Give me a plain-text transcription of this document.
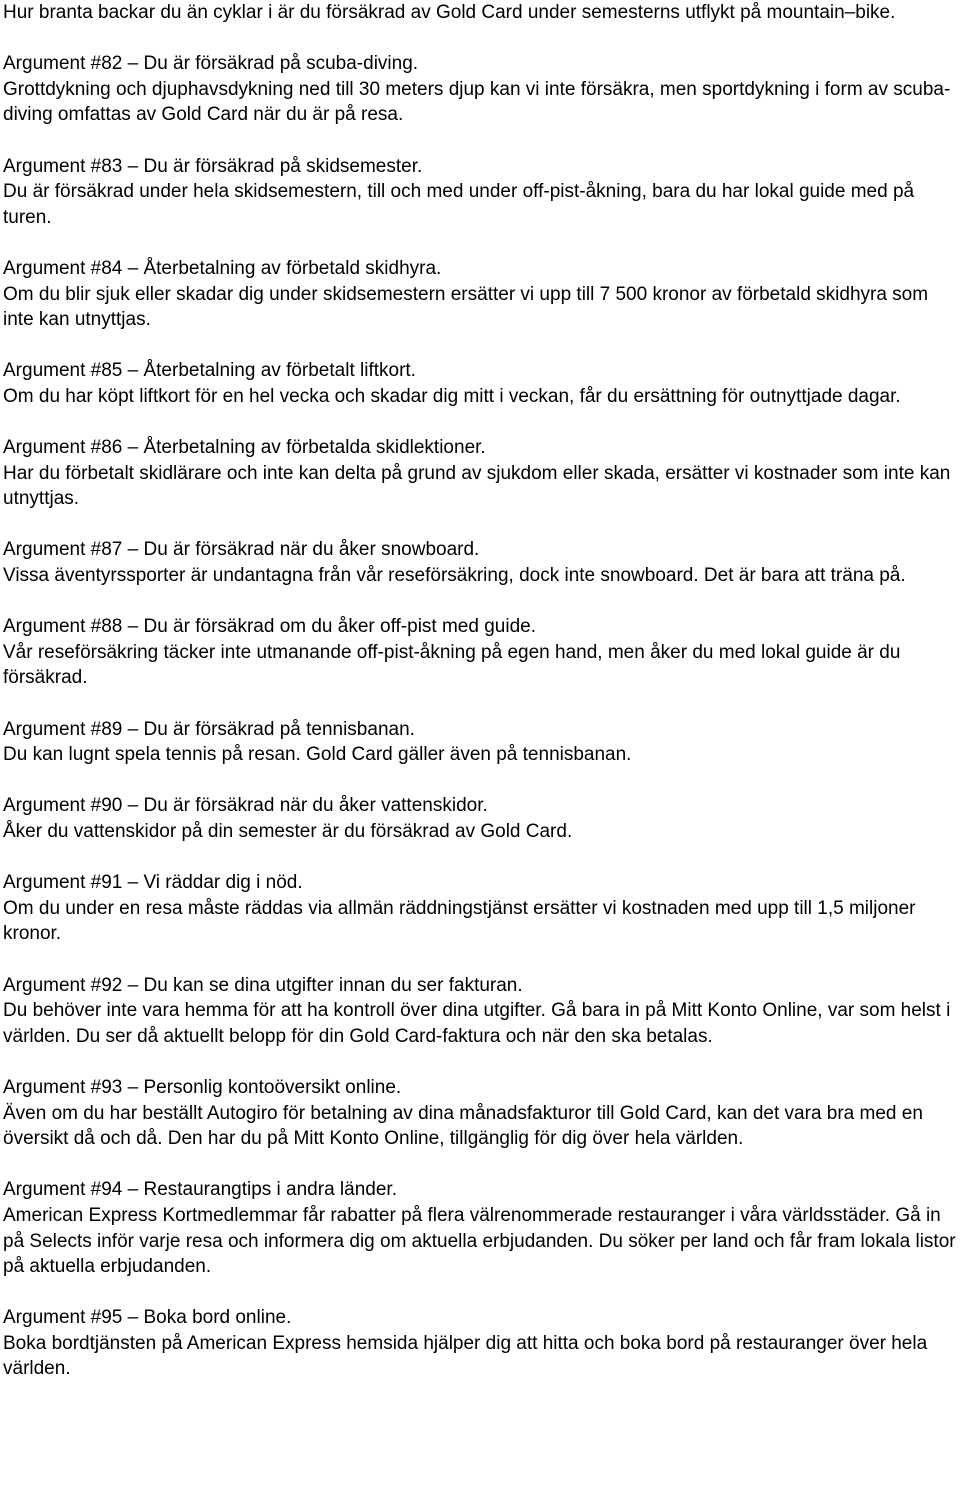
Hur branta backar du än cyklar i är du försäkrad av Gold Card under semesterns utflykt på mountain–bike.

Argument #82 – Du är försäkrad på scuba-diving.
Grottdykning och djuphavsdykning ned till 30 meters djup kan vi inte försäkra, men sportdykning i form av scuba-diving omfattas av Gold Card när du är på resa.
Argument #83 – Du är försäkrad på skidsemester.
Du är försäkrad under hela skidsemestern, till och med under off-pist-åkning, bara du har lokal guide med på turen.
Argument #84 – Återbetalning av förbetald skidhyra.
Om du blir sjuk eller skadar dig under skidsemestern ersätter vi upp till 7 500 kronor av förbetald skidhyra som inte kan utnyttjas.
Argument #85 – Återbetalning av förbetalt liftkort.
Om du har köpt liftkort för en hel vecka och skadar dig mitt i veckan, får du ersättning för outnyttjade dagar.
Argument #86 – Återbetalning av förbetalda skidlektioner.
Har du förbetalt skidlärare och inte kan delta på grund av sjukdom eller skada, ersätter vi kostnader som inte kan utnyttjas.
Argument #87 – Du är försäkrad när du åker snowboard.
Vissa äventyrssporter är undantagna från vår reseförsäkring, dock inte snowboard. Det är bara att träna på.
Argument #88 – Du är försäkrad om du åker off-pist med guide.
Vår reseförsäkring täcker inte utmanande off-pist-åkning på egen hand, men åker du med lokal guide är du försäkrad.
Argument #89 – Du är försäkrad på tennisbanan.
Du kan lugnt spela tennis på resan. Gold Card gäller även på tennisbanan.
Argument #90 – Du är försäkrad när du åker vattenskidor.
Åker du vattenskidor på din semester är du försäkrad av Gold Card.
Argument #91 – Vi räddar dig i nöd.
Om du under en resa måste räddas via allmän räddningstjänst ersätter vi kostnaden med upp till 1,5 miljoner kronor.
Argument #92 – Du kan se dina utgifter innan du ser fakturan.
Du behöver inte vara hemma för att ha kontroll över dina utgifter. Gå bara in på Mitt Konto Online, var som helst i världen. Du ser då aktuellt belopp för din Gold Card-faktura och när den ska betalas.
Argument #93 – Personlig kontoöversikt online.
Även om du har beställt Autogiro för betalning av dina månadsfakturor till Gold Card, kan det vara bra med en översikt då och då. Den har du på Mitt Konto Online, tillgänglig för dig över hela världen.
Argument #94 – Restaurangtips i andra länder.
American Express Kortmedlemmar får rabatter på flera välrenommerade restauranger i våra världsstäder. Gå in på Selects inför varje resa och informera dig om aktuella erbjudanden. Du söker per land och får fram lokala listor på aktuella erbjudanden.
Argument #95 – Boka bord online.
Boka bordtjänsten på American Express hemsida hjälper dig att hitta och boka bord på restauranger över hela världen.
